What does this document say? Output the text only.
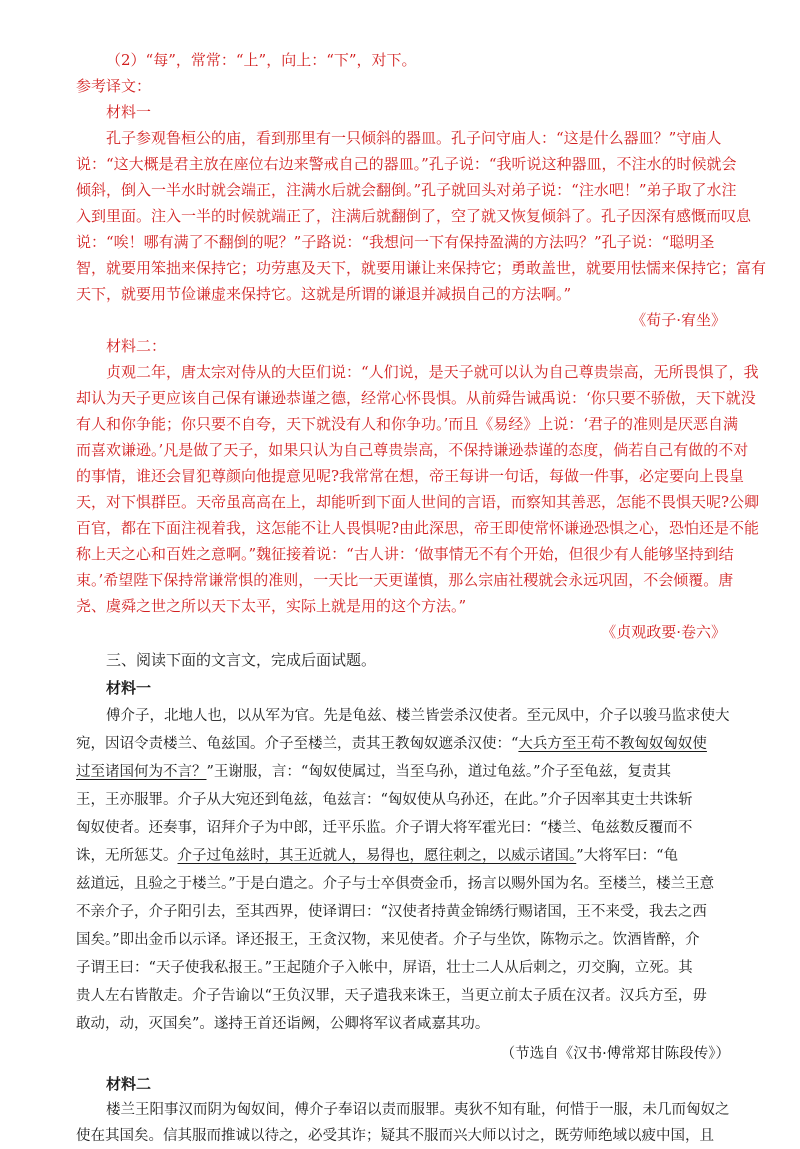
（2）“每”，常常：“上”，向上：“下”，对下。
参考译文：
材料一
孔子参观鲁桓公的庙，看到那里有一只倾斜的器皿。孔子问守庙人：“这是什么器皿？”守庙人
说：“这大概是君主放在座位右边来警戒自己的器皿。”孔子说：“我听说这种器皿，不注水的时候就会
倾斜，倒入一半水时就会端正，注满水后就会翻倒。”孔子就回头对弟子说：“注水吧！”弟子取了水注
入到里面。注入一半的时候就端正了，注满后就翻倒了，空了就又恢复倾斜了。孔子因深有感慨而叹息
说：“唉！哪有满了不翻倒的呢？”子路说：“我想问一下有保持盈满的方法吗？”孔子说：“聪明圣
智，就要用笨拙来保持它；功劳惠及天下，就要用谦让来保持它；勇敢盖世，就要用怯懦来保持它；富有
天下，就要用节俭谦虚来保持它。这就是所谓的谦退并减损自己的方法啊。”
《荀子·宥坐》
材料二：
贞观二年，唐太宗对侍从的大臣们说：“人们说，是天子就可以认为自己尊贵崇高，无所畏惧了，我
却认为天子更应该自己保有谦逊恭谨之德，经常心怀畏惧。从前舜告诫禹说：‘你只要不骄傲，天下就没
有人和你争能；你只要不自夸，天下就没有人和你争功。’而且《易经》上说：‘君子的准则是厌恶自满
而喜欢谦逊。’凡是做了天子，如果只认为自己尊贵崇高，不保持谦逊恭谨的态度，倘若自己有做的不对
的事情，谁还会冒犯尊颜向他提意见呢?我常常在想，帝王每讲一句话，每做一件事，必定要向上畏皇
天，对下惧群臣。天帝虽高高在上，却能听到下面人世间的言语，而察知其善恶，怎能不畏惧天呢?公卿
百官，都在下面注视着我，这怎能不让人畏惧呢?由此深思，帝王即使常怀谦逊恐惧之心，恐怕还是不能
称上天之心和百姓之意啊。”魏征接着说：“古人讲：‘做事情无不有个开始，但很少有人能够坚持到结
束。’希望陛下保持常谦常惧的准则，一天比一天更谨慎，那么宗庙社稷就会永远巩固，不会倾覆。唐
尧、虞舜之世之所以天下太平，实际上就是用的这个方法。”
《贞观政要·卷六》
三、阅读下面的文言文，完成后面试题。
材料一
傅介子，北地人也，以从军为官。先是龟兹、楼兰皆尝杀汉使者。至元凤中，介子以骏马监求使大
宛，因诏令责楼兰、龟兹国。介子至楼兰，责其王教匈奴遮杀汉使：“大兵方至王苟不教匈奴匈奴使
过至诸国何为不言？”王谢服，言：“匈奴使属过，当至乌孙，道过龟兹。”介子至龟兹，复责其
王，王亦服罪。介子从大宛还到龟兹，龟兹言：“匈奴使从乌孙还，在此。”介子因率其吏士共诛斩
匈奴使者。还奏事，诏拜介子为中郎，迁平乐监。介子谓大将军霍光曰：“楼兰、龟兹数反覆而不
诛，无所惩艾。介子过龟兹时，其王近就人，易得也，愿往刺之，以威示诸国。”大将军曰：“龟
兹道远，且验之于楼兰。”于是白遣之。介子与士卒俱赍金币，扬言以赐外国为名。至楼兰，楼兰王意
不亲介子，介子阳引去，至其西界，使译谓曰：“汉使者持黄金锦绣行赐诸国，王不来受，我去之西
国矣。”即出金币以示译。译还报王，王贪汉物，来见使者。介子与坐饮，陈物示之。饮酒皆醉，介
子谓王曰：“天子使我私报王。”王起随介子入帐中，屏语，壮士二人从后刺之，刃交胸，立死。其
贵人左右皆散走。介子告谕以“王负汉罪，天子遣我来诛王，当更立前太子质在汉者。汉兵方至，毋
敢动，动，灭国矣”。遂持王首还诣阙，公卿将军议者咸嘉其功。
（节选自《汉书·傅常郑甘陈段传》）
材料二
楼兰王阳事汉而阴为匈奴间，傅介子奉诏以责而服罪。夷狄不知有耻，何惜于一服，未几而匈奴之
使在其国矣。信其服而推诚以待之，必受其诈；疑其不服而兴大师以讨之，既劳师绝域以疲中国，且
